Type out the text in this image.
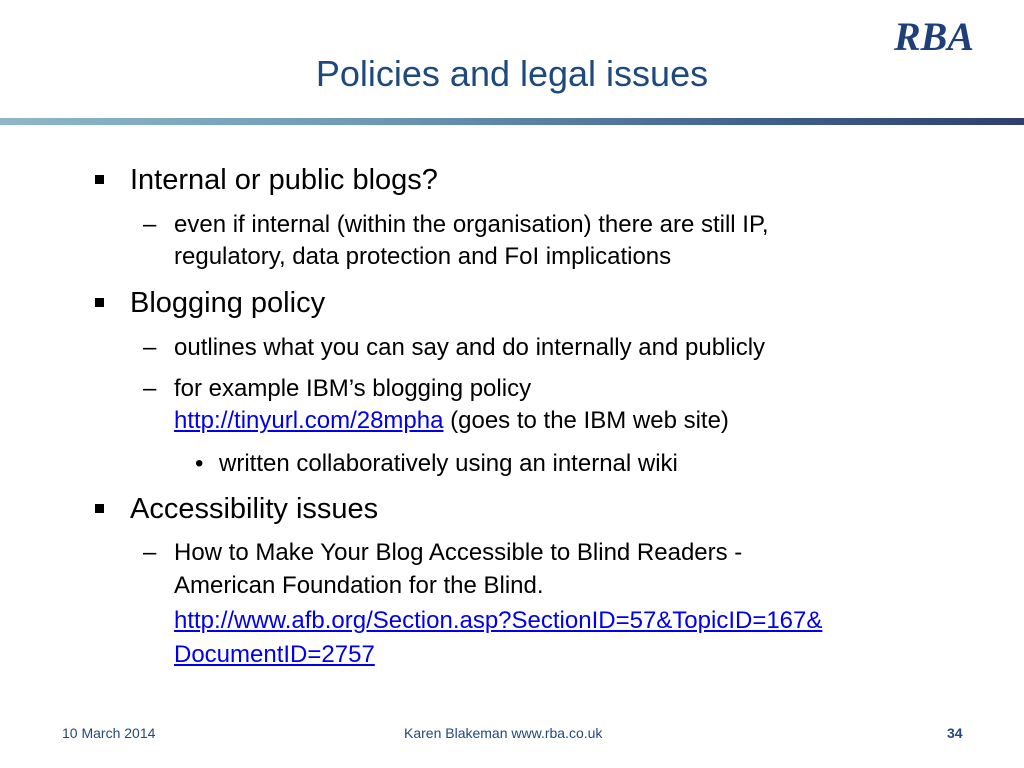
RBA
Policies and legal issues
Internal or public blogs?
– even if internal (within the organisation) there are still IP,
regulatory, data protection and FoI implications
Blogging policy
– outlines what you can say and do internally and publicly
– for example IBM’s blogging policy
http://tinyurl.com/28mpha (goes to the IBM web site)
• written collaboratively using an internal wiki
Accessibility issues
– How to Make Your Blog Accessible to Blind Readers -
American Foundation for the Blind.
http://www.afb.org/Section.asp?SectionID=57&TopicID=167&
DocumentID=2757
10 March 2014	Karen Blakeman www.rba.co.uk	34
